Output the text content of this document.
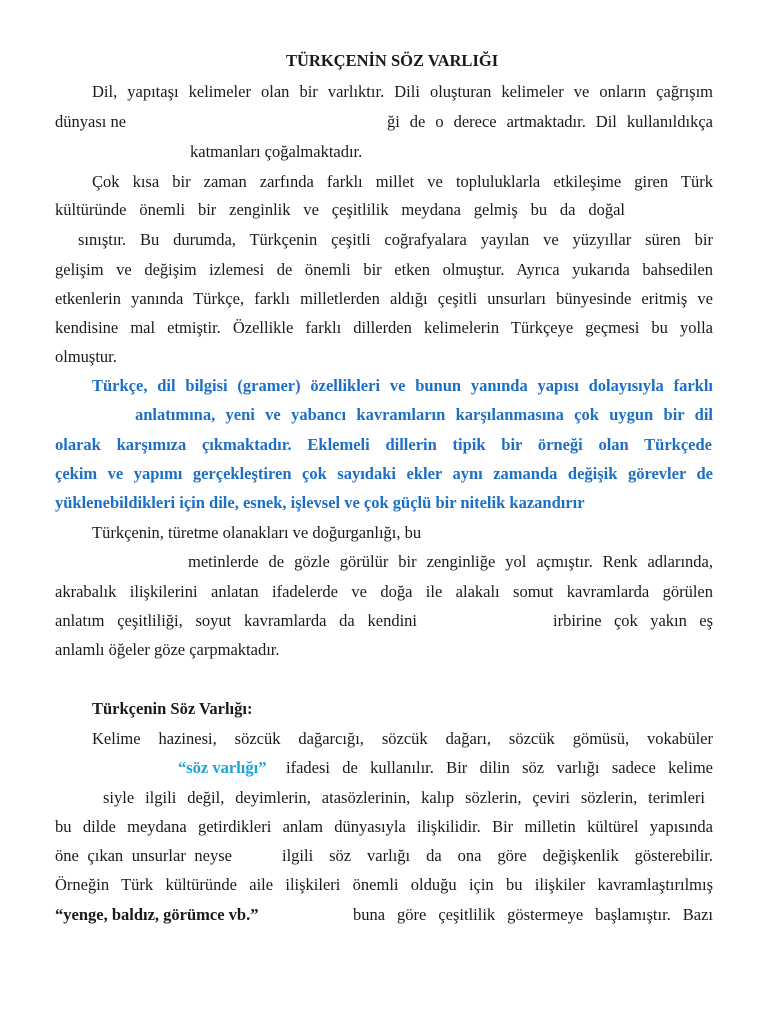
TÜRKÇENİN SÖZ VARLIĞI
Dil, yapıtaşı kelimeler olan bir varlıktır. Dili oluşturan kelimeler ve onların çağrışım
dünyası ne	ği de o derece artmaktadır. Dil kullanıldıkça
katmanları çoğalmaktadır.
Çok kısa bir zaman zarfında farklı millet ve topluluklarla etkileşime giren Türk
kültüründe önemli bir zenginlik ve çeşitlilik meydana gelmiş bu da doğal
sınıştır. Bu durumda, Türkçenin çeşitli coğrafyalara yayılan ve yüzyıllar süren bir
gelişim ve değişim izlemesi de önemli bir etken olmuştur. Ayrıca yukarıda bahsedilen
etkenlerin yanında Türkçe, farklı milletlerden aldığı çeşitli unsurları bünyesinde eritmiş ve
kendisine mal etmiştir. Özellikle farklı dillerden kelimelerin Türkçeye geçmesi bu yolla
olmuştur.
Türkçe, dil bilgisi (gramer) özellikleri ve bunun yanında yapısı dolayısıyla farklı
anlatımına, yeni ve yabancı kavramların karşılanmasına çok uygun bir dil
olarak karşımıza çıkmaktadır. Eklemeli dillerin tipik bir örneği olan Türkçede
çekim ve yapımı gerçekleştiren çok sayıdaki ekler aynı zamanda değişik görevler de
yüklenebildikleri için dile, esnek, işlevsel ve çok güçlü bir nitelik kazandırır
Türkçenin, türetme olanakları ve doğurganlığı, bu
metinlerde de gözle görülür bir zenginliğe yol açmıştır. Renk adlarında,
akrabalık ilişkilerini anlatan ifadelerde ve doğa ile alakalı somut kavramlarda görülen
anlatım çeşitliliği, soyut kavramlarda da kendini	irbirine çok yakın eş
anlamlı öğeler göze çarpmaktadır.
Türkçenin Söz Varlığı:
Kelime hazinesi, sözcük dağarcığı, sözcük dağarı, sözcük gömüsü, vokabüler
“söz varlığı” ifadesi de kullanılır. Bir dilin söz varlığı sadece kelime
siyle ilgili değil, deyimlerin, atasözlerinin, kalıp sözlerin, çeviri sözlerin, terimleri
bu dilde meydana getirdikleri anlam dünyasıyla ilişkilidir. Bir milletin kültürel yapısında
öne çıkan unsurlar neyse	ilgili söz varlığı da ona göre değişkenlik gösterebilir.
Örneğin Türk kültüründe aile ilişkileri önemli olduğu için bu ilişkiler kavramlaştırılmış
“yenge, baldız, görümce vb.”	buna göre çeşitlilik göstermeye başlamıştır. Bazı
